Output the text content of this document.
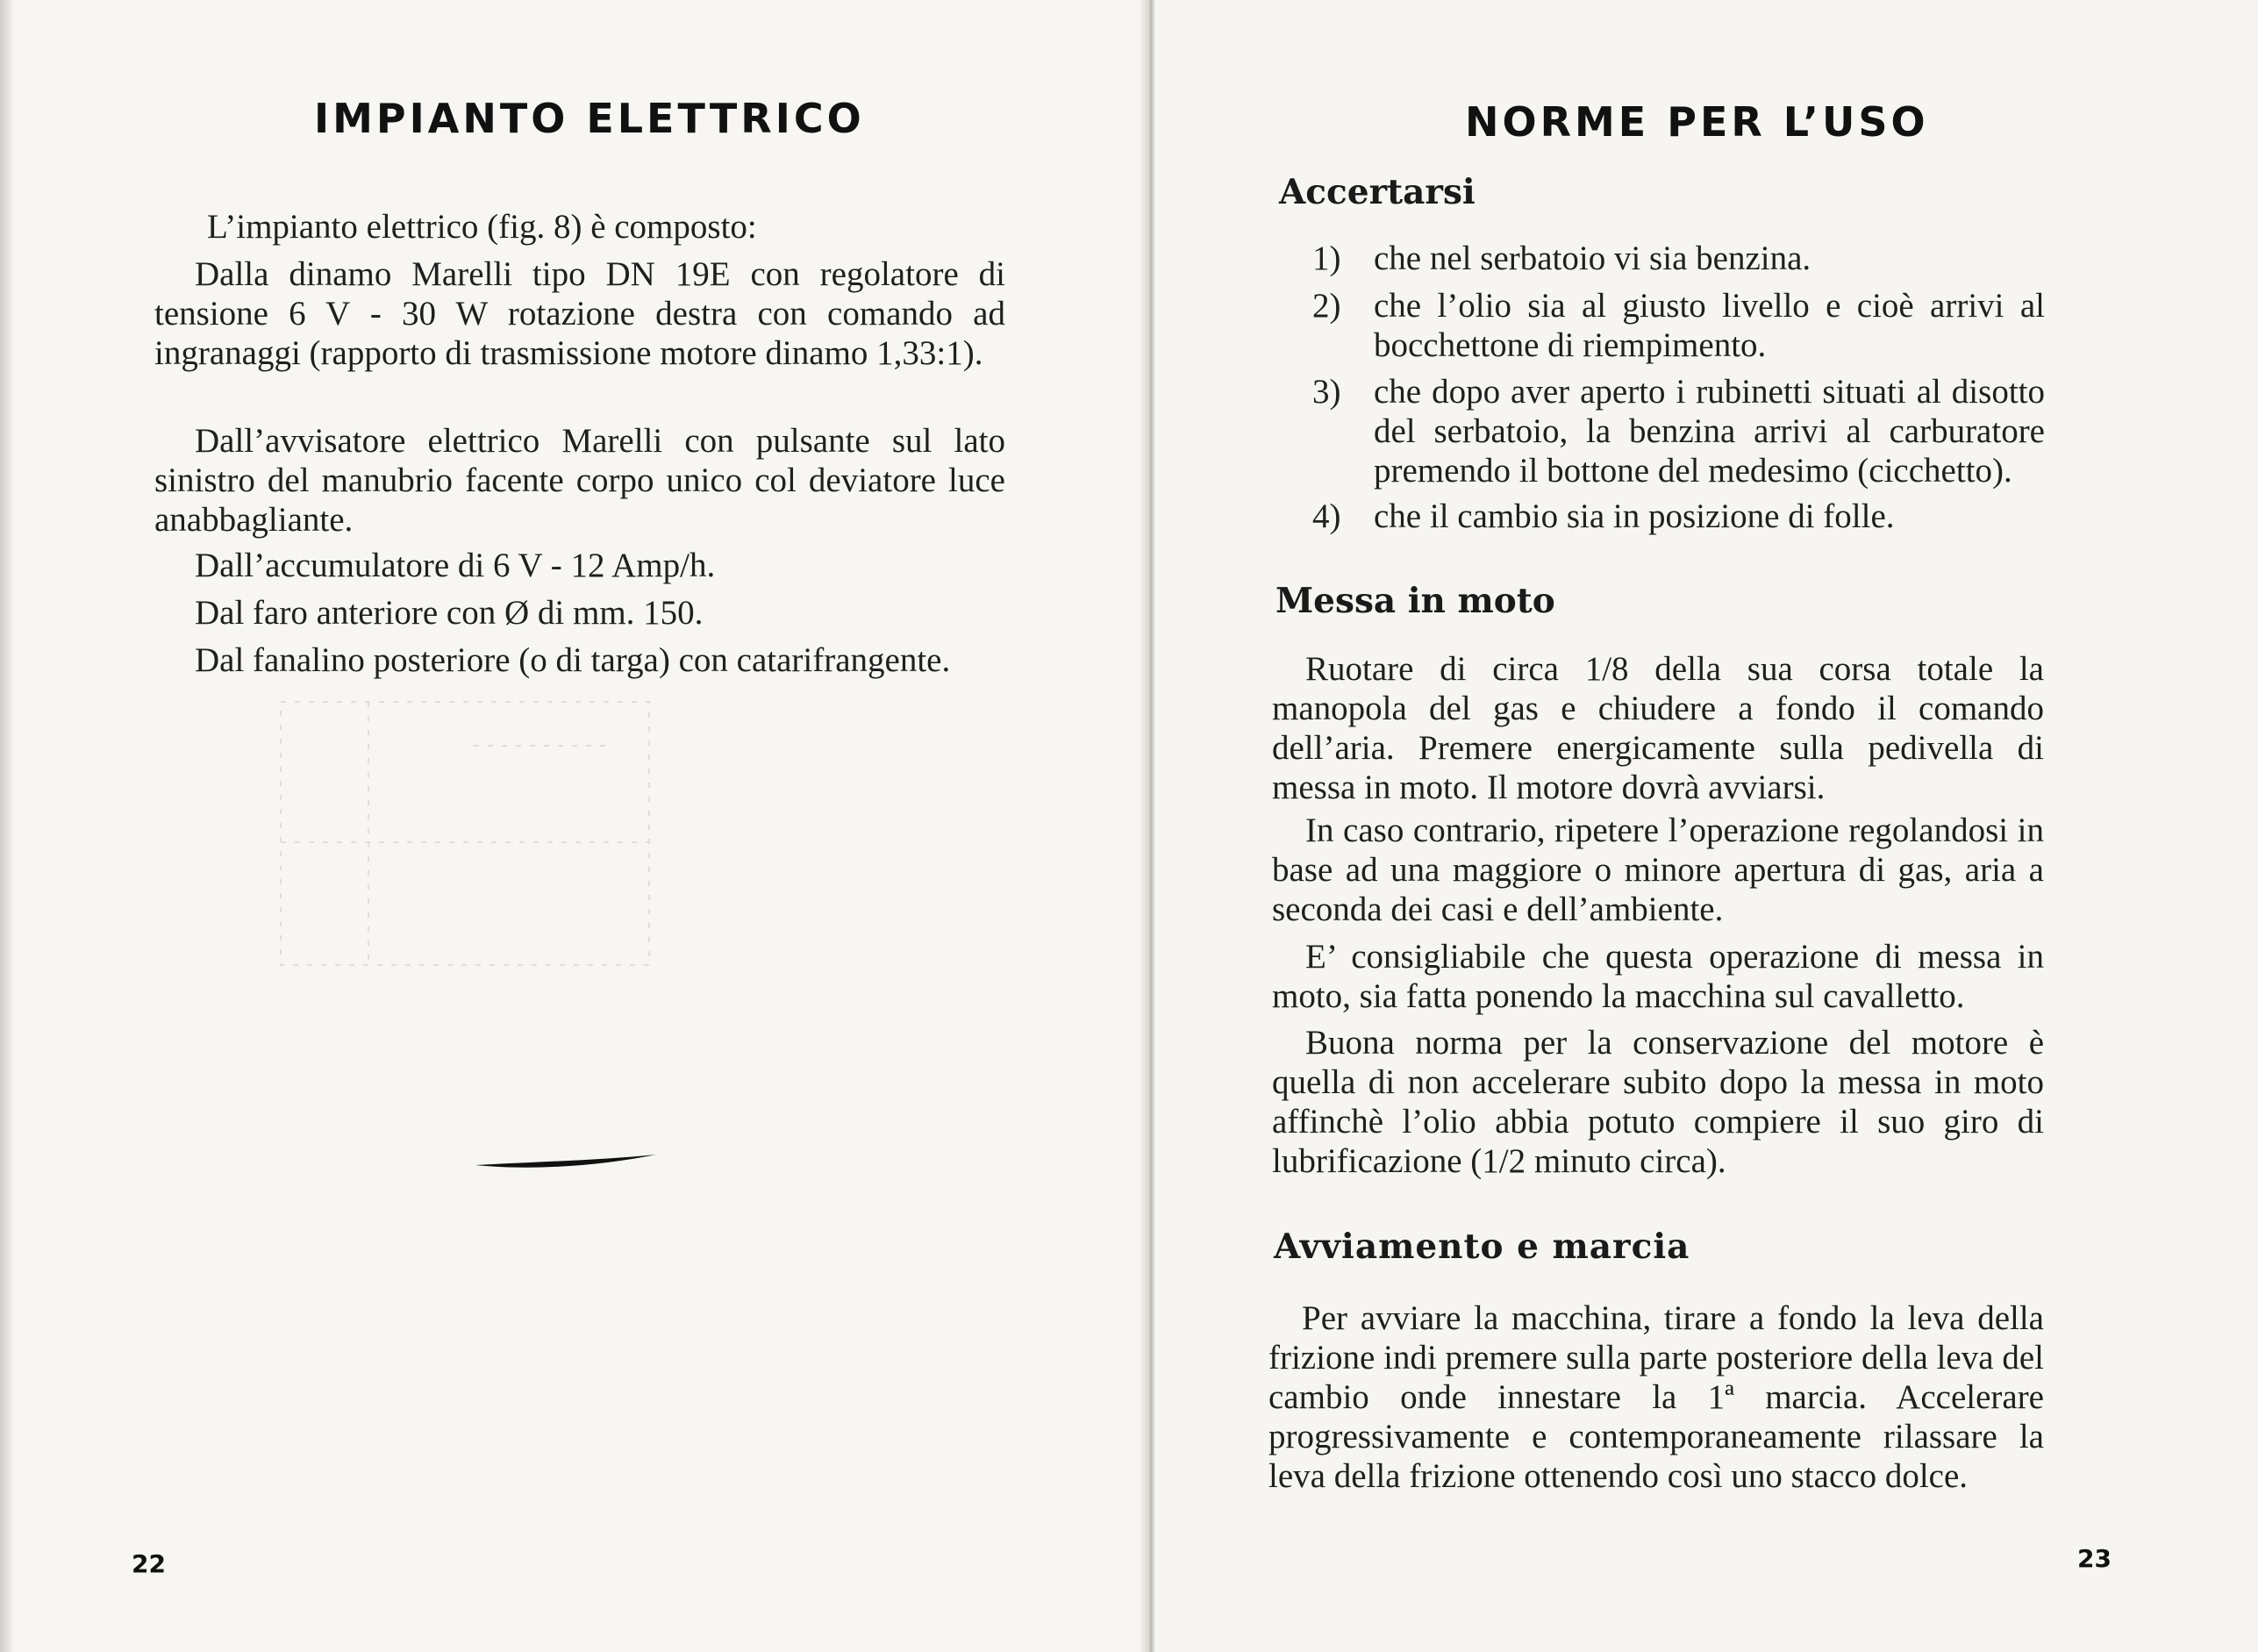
IMPIANTO ELETTRICO

L’impianto elettrico (fig. 8) è composto:

Dalla dinamo Marelli tipo DN 19E con regolatore di tensione 6 V - 30 W rotazione destra con comando ad ingranaggi (rapporto di trasmissione motore dinamo 1,33:1).

Dall’avvisatore elettrico Marelli con pulsante sul lato sinistro del manubrio facente corpo unico col deviatore luce anabbagliante.

Dall’accumulatore di 6 V - 12 Amp/h.

Dal faro anteriore con Ø di mm. 150.

Dal fanalino posteriore (o di targa) con catarifrangente.

22

NORME PER L’USO
Accertarsi
1) che nel serbatoio vi sia benzina.
2) che l’olio sia al giusto livello e cioè arrivi al bocchettone di riempimento.
3) che dopo aver aperto i rubinetti situati al disotto del serbatoio, la benzina arrivi al carburatore premendo il bottone del medesimo (cicchetto).
4) che il cambio sia in posizione di folle.
Messa in moto

Ruotare di circa 1/8 della sua corsa totale la manopola del gas e chiudere a fondo il comando dell’aria. Premere energicamente sulla pedivella di messa in moto. Il motore dovrà avviarsi.

In caso contrario, ripetere l’operazione regolandosi in base ad una maggiore o minore apertura di gas, aria a seconda dei casi e dell’ambiente.

E’ consigliabile che questa operazione di messa in moto, sia fatta ponendo la macchina sul cavalletto.

Buona norma per la conservazione del motore è quella di non accelerare subito dopo la messa in moto affinchè l’olio abbia potuto compiere il suo giro di lubrificazione (1/2 minuto circa).

Avviamento e marcia

Per avviare la macchina, tirare a fondo la leva della frizione indi premere sulla parte posteriore della leva del cambio onde innestare la 1ª marcia. Accelerare progressivamente e contemporaneamente rilassare la leva della frizione ottenendo così uno stacco dolce.

23
